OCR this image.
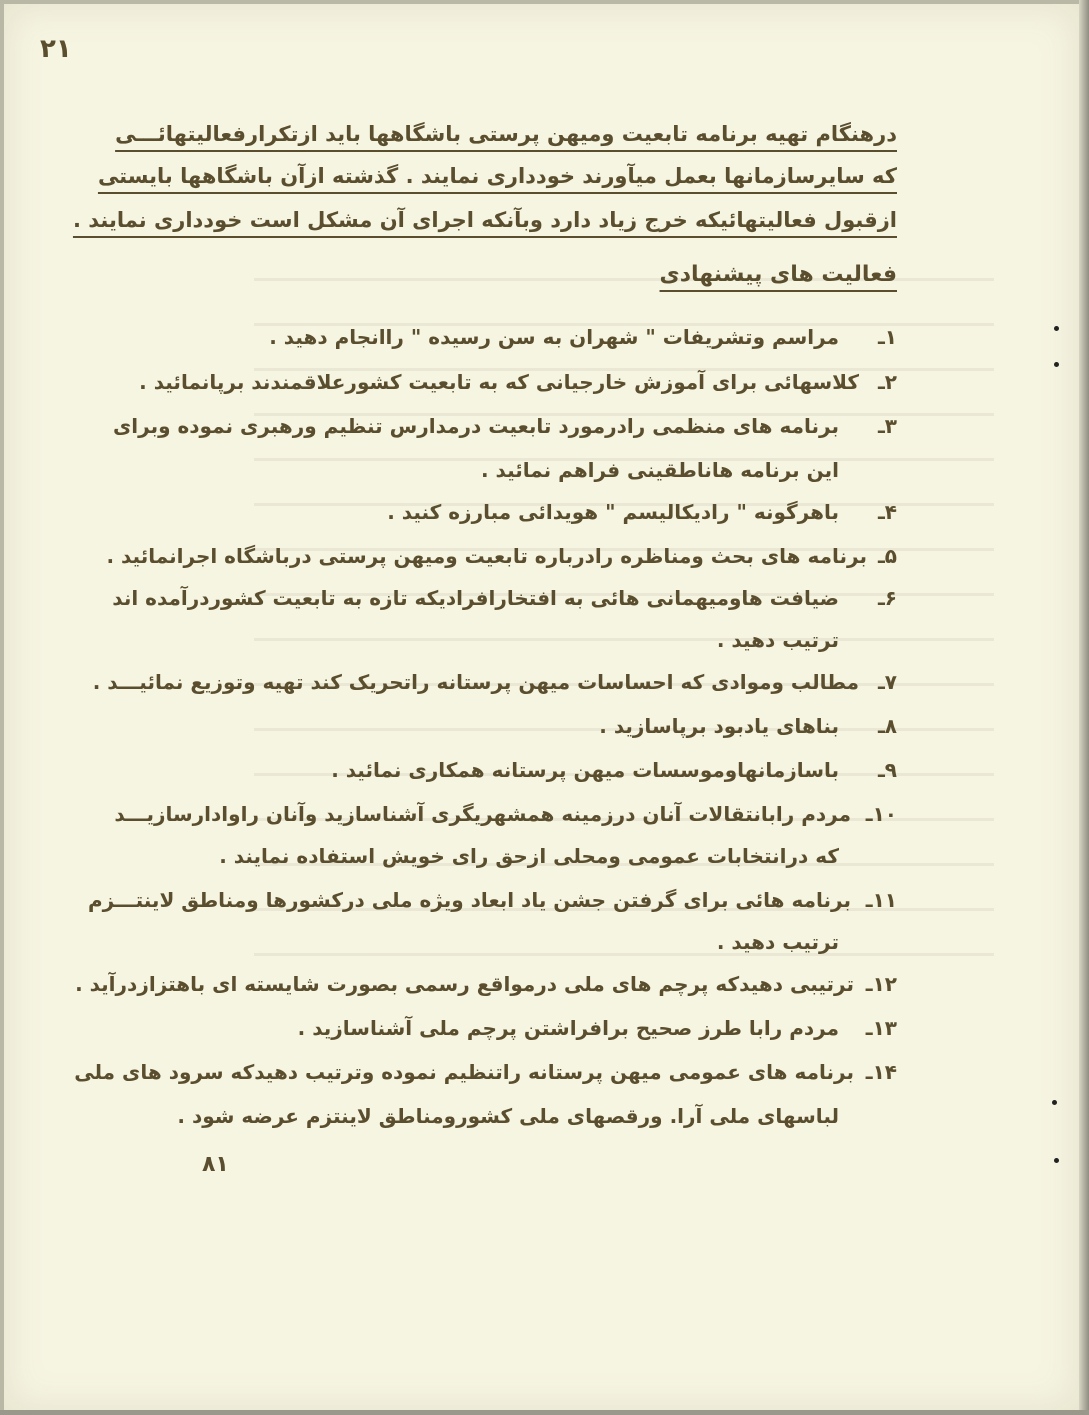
۲۱
درهنگام تهیه برنامه تابعیت ومیهن پرستی باشگاهها باید ازتکرارفعالیتهائـــی
که سایرسازمانها بعمل میآورند خودداری نمایند . گذشته ازآن باشگاهها بایستی
ازقبول فعالیتهائیکه خرج زیاد دارد وبآنکه اجرای آن مشکل است خودداری نمایند .
فعالیت های پیشنهادی
۱ـ
مراسم وتشریفات " شهران به سن رسیده " راانجام دهید .
۲ـ
کلاسهائی برای آموزش خارجیانی که به تابعیت کشورعلاقمندند برپانمائید .
۳ـ
برنامه های منظمی رادرمورد تابعیت درمدارس تنظیم ورهبری نموده وبرای
این برنامه هاناطقینی فراهم نمائید .
۴ـ
باهرگونه " رادیکالیسم " هویدائی مبارزه کنید .
۵ـ
برنامه های بحث ومناظره رادرباره تابعیت ومیهن پرستی درباشگاه اجرانمائید .
۶ـ
ضیافت هاومیهمانی هائی به افتخارافرادیکه تازه به تابعیت کشوردرآمده اند
ترتیب دهید .
۷ـ
مطالب وموادی که احساسات میهن پرستانه راتحریک کند تهیه وتوزیع نمائیـــد .
۸ـ
بناهای یادبود برپاسازید .
۹ـ
باسازمانهاوموسسات میهن پرستانه همکاری نمائید .
۱۰ـ
مردم رابانتقالات آنان درزمینه همشهریگری آشناسازید وآنان راوادارسازیـــد
که درانتخابات عمومی ومحلی ازحق رای خویش استفاده نمایند .
۱۱ـ
برنامه هائی برای گرفتن جشن یاد ابعاد ویژه ملی درکشورها ومناطق لاینتـــزم
ترتیب دهید .
۱۲ـ
ترتیبی دهیدکه پرچم های ملی درمواقع رسمی بصورت شایسته ای باهتزازدرآید .
۱۳ـ
مردم رابا طرز صحیح برافراشتن پرچم ملی آشناسازید .
۱۴ـ
برنامه های عمومی میهن پرستانه راتنظیم نموده وترتیب دهیدکه سرود های ملی
لباسهای ملی آرا. ورقصهای ملی کشورومناطق لاینتزم عرضه شود .
۸۱
